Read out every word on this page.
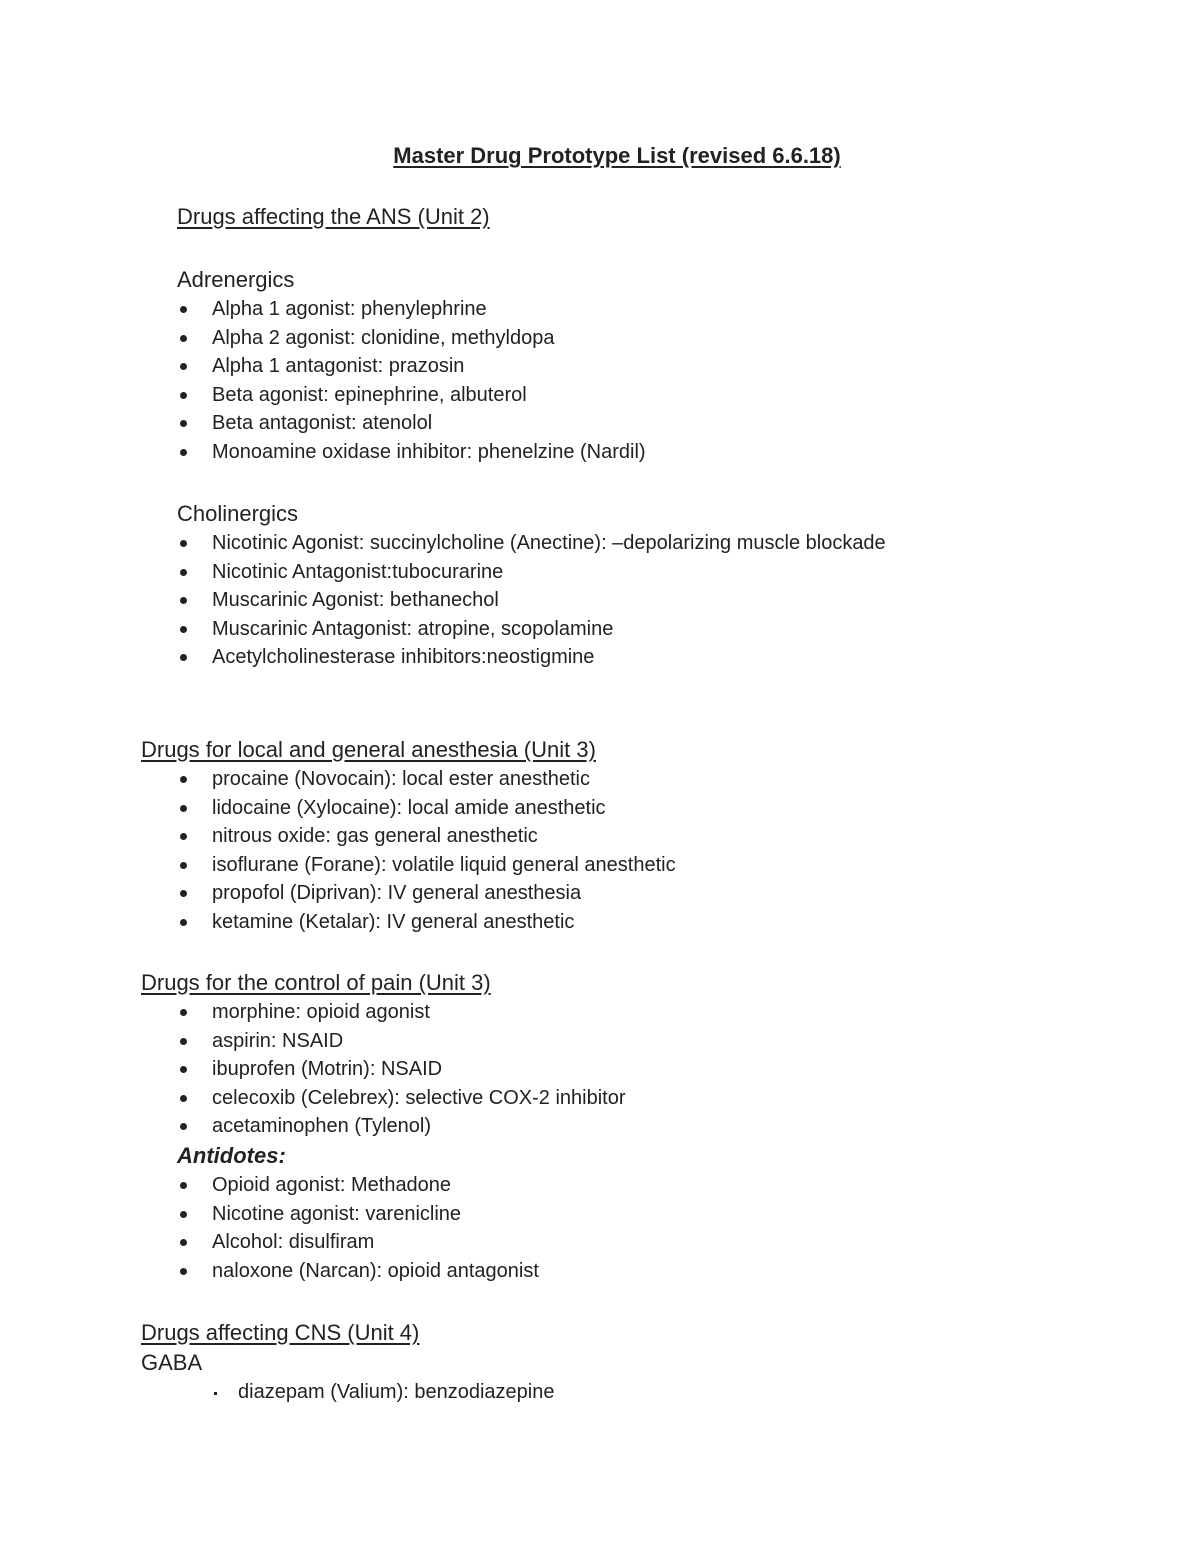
Master Drug Prototype List (revised 6.6.18)
Drugs affecting the ANS (Unit 2)
Adrenergics
Alpha 1 agonist: phenylephrine
Alpha 2 agonist: clonidine, methyldopa
Alpha 1 antagonist: prazosin
Beta agonist: epinephrine, albuterol
Beta antagonist: atenolol
Monoamine oxidase inhibitor: phenelzine (Nardil)
Cholinergics
Nicotinic Agonist: succinylcholine (Anectine): –depolarizing muscle blockade
Nicotinic Antagonist:tubocurarine
Muscarinic Agonist: bethanechol
Muscarinic Antagonist: atropine, scopolamine
Acetylcholinesterase inhibitors:neostigmine
Drugs for local and general anesthesia (Unit 3)
procaine (Novocain): local ester anesthetic
lidocaine (Xylocaine): local amide anesthetic
nitrous oxide: gas general anesthetic
isoflurane (Forane): volatile liquid general anesthetic
propofol (Diprivan): IV general anesthesia
ketamine (Ketalar): IV general anesthetic
Drugs for the control of pain (Unit 3)
morphine: opioid agonist
aspirin: NSAID
ibuprofen (Motrin): NSAID
celecoxib (Celebrex): selective COX-2 inhibitor
acetaminophen (Tylenol)
Antidotes:
Opioid agonist: Methadone
Nicotine agonist: varenicline
Alcohol: disulfiram
naloxone (Narcan): opioid antagonist
Drugs affecting CNS (Unit 4)
GABA
diazepam (Valium): benzodiazepine
